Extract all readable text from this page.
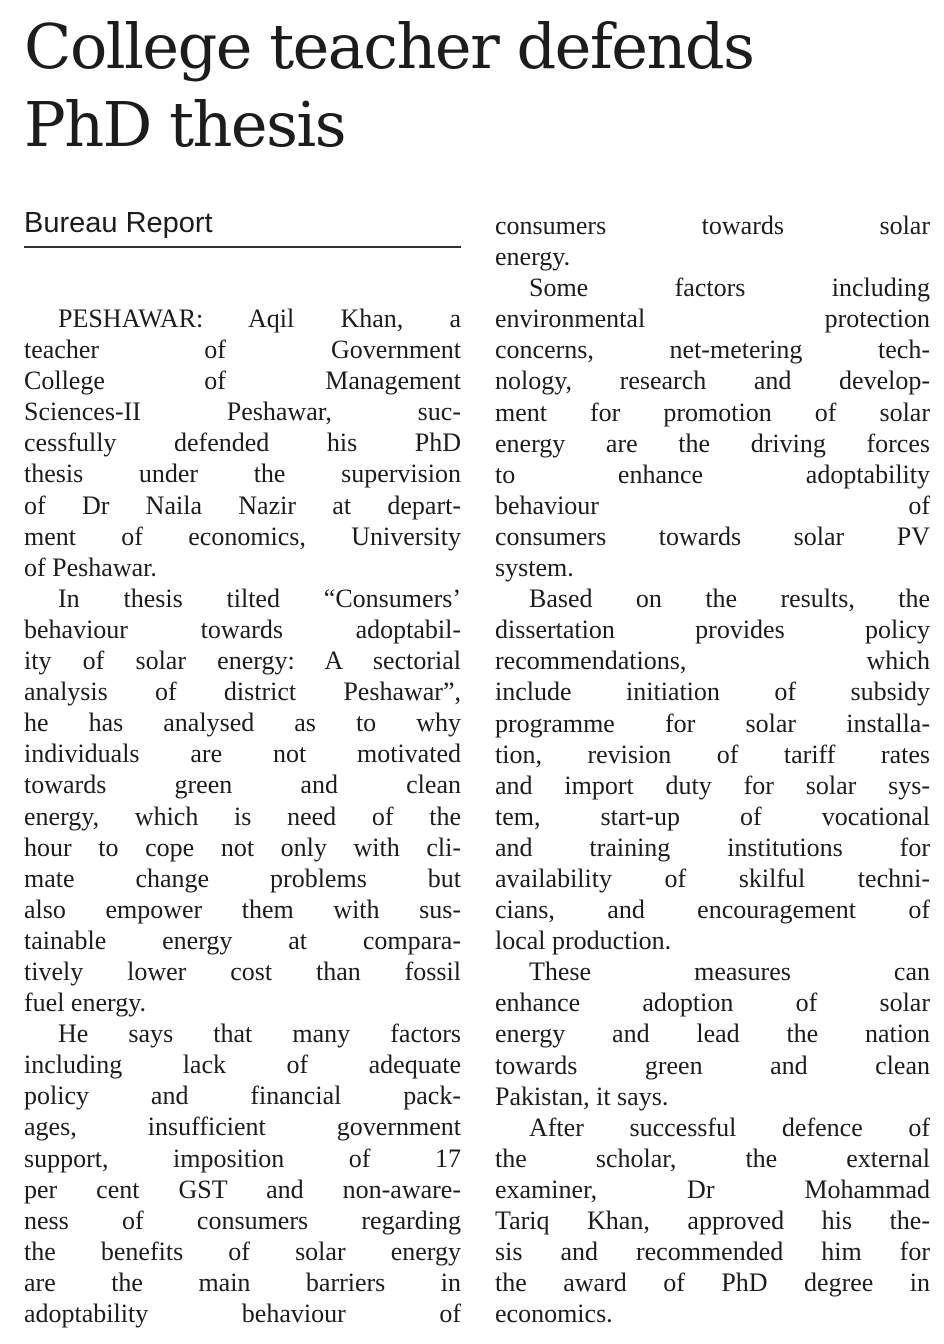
College teacher defends
PhD thesis
Bureau Report
PESHAWAR: Aqil Khan, a
teacher of Government
College of Management
Sciences-II Peshawar, suc-
cessfully defended his PhD
thesis under the supervision
of Dr Naila Nazir at depart-
ment of economics, University
of Peshawar.
In thesis tilted “Consumers’
behaviour towards adoptabil-
ity of solar energy: A sectorial
analysis of district Peshawar”,
he has analysed as to why
individuals are not motivated
towards green and clean
energy, which is need of the
hour to cope not only with cli-
mate change problems but
also empower them with sus-
tainable energy at compara-
tively lower cost than fossil
fuel energy.
He says that many factors
including lack of adequate
policy and financial pack-
ages, insufficient government
support, imposition of 17
per cent GST and non-aware-
ness of consumers regarding
the benefits of solar energy
are the main barriers in
adoptability behaviour of
consumers towards solar
energy.
Some factors including
environmental protection
concerns, net-metering tech-
nology, research and develop-
ment for promotion of solar
energy are the driving forces
to enhance adoptability
behaviour of
consumers towards solar PV
system.
Based on the results, the
dissertation provides policy
recommendations, which
include initiation of subsidy
programme for solar installa-
tion, revision of tariff rates
and import duty for solar sys-
tem, start-up of vocational
and training institutions for
availability of skilful techni-
cians, and encouragement of
local production.
These measures can
enhance adoption of solar
energy and lead the nation
towards green and clean
Pakistan, it says.
After successful defence of
the scholar, the external
examiner, Dr Mohammad
Tariq Khan, approved his the-
sis and recommended him for
the award of PhD degree in
economics.
